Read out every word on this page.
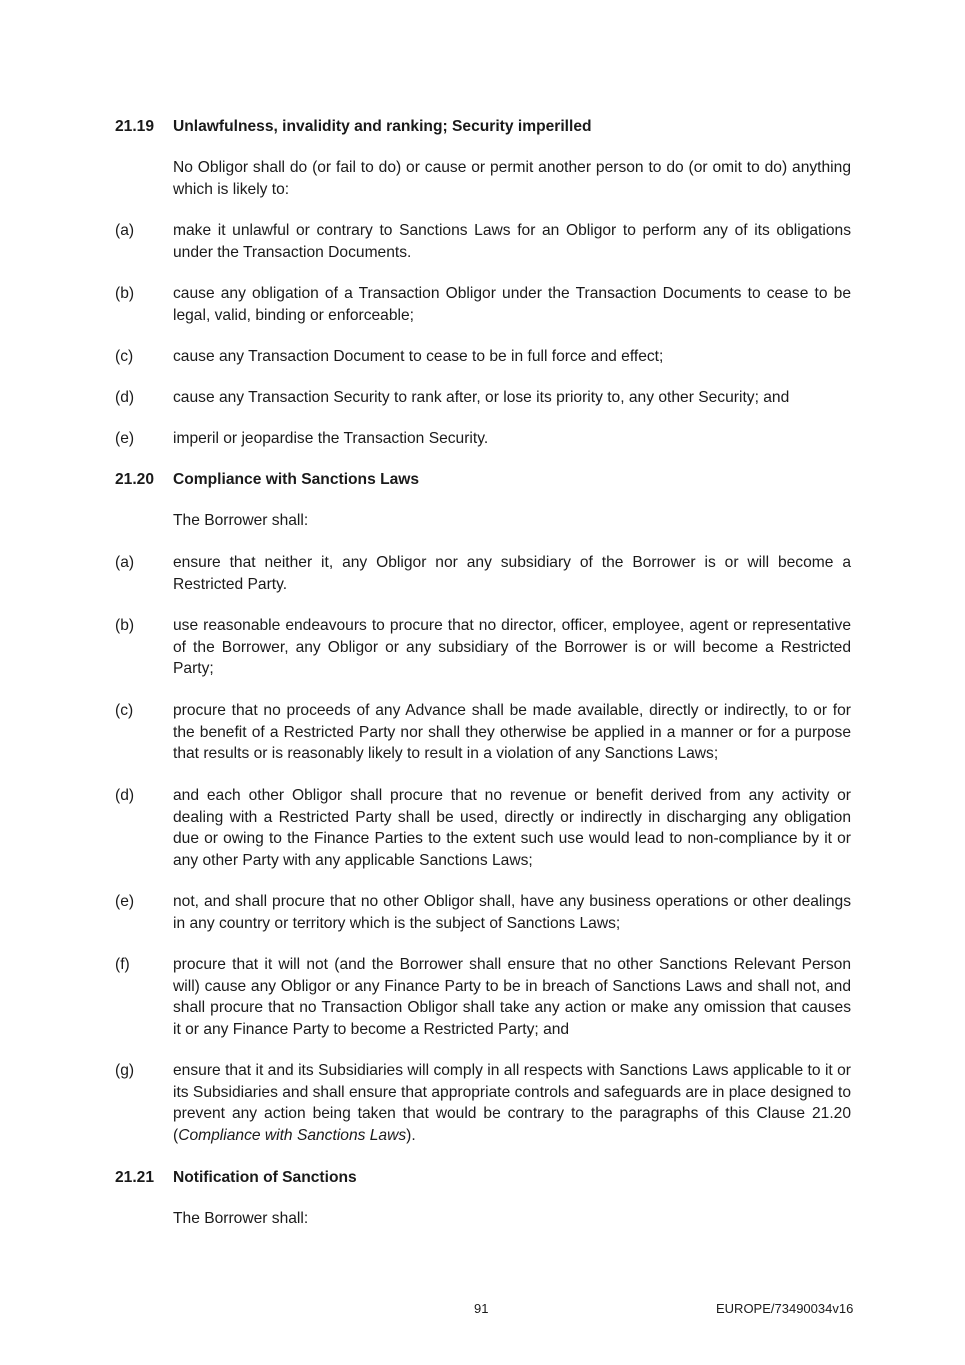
21.19	Unlawfulness, invalidity and ranking; Security imperilled
No Obligor shall do (or fail to do) or cause or permit another person to do (or omit to do) anything which is likely to:
(a)	make it unlawful or contrary to Sanctions Laws for an Obligor to perform any of its obligations under the Transaction Documents.
(b)	cause any obligation of a Transaction Obligor under the Transaction Documents to cease to be legal, valid, binding or enforceable;
(c)	cause any Transaction Document to cease to be in full force and effect;
(d)	cause any Transaction Security to rank after, or lose its priority to, any other Security; and
(e)	imperil or jeopardise the Transaction Security.
21.20	Compliance with Sanctions Laws
The Borrower shall:
(a)	ensure that neither it, any Obligor nor any subsidiary of the Borrower is or will become a Restricted Party.
(b)	use reasonable endeavours to procure that no director, officer, employee, agent or representative of the Borrower, any Obligor or any subsidiary of the Borrower is or will become a Restricted Party;
(c)	procure that no proceeds of any Advance shall be made available, directly or indirectly, to or for the benefit of a Restricted Party nor shall they otherwise be applied in a manner or for a purpose that results or is reasonably likely to result in a violation of any Sanctions Laws;
(d)	and each other Obligor shall procure that no revenue or benefit derived from any activity or dealing with a Restricted Party shall be used, directly or indirectly in discharging any obligation due or owing to the Finance Parties to the extent such use would lead to non-compliance by it or any other Party with any applicable Sanctions Laws;
(e)	not, and shall procure that no other Obligor shall, have any business operations or other dealings in any country or territory which is the subject of Sanctions Laws;
(f)	procure that it will not (and the Borrower shall ensure that no other Sanctions Relevant Person will) cause any Obligor or any Finance Party to be in breach of Sanctions Laws and shall not, and shall procure that no Transaction Obligor shall take any action or make any omission that causes it or any Finance Party to become a Restricted Party; and
(g)	ensure that it and its Subsidiaries will comply in all respects with Sanctions Laws applicable to it or its Subsidiaries and shall ensure that appropriate controls and safeguards are in place designed to prevent any action being taken that would be contrary to the paragraphs of this Clause 21.20 (Compliance with Sanctions Laws).
21.21	Notification of Sanctions
The Borrower shall:
91	EUROPE/73490034v16
